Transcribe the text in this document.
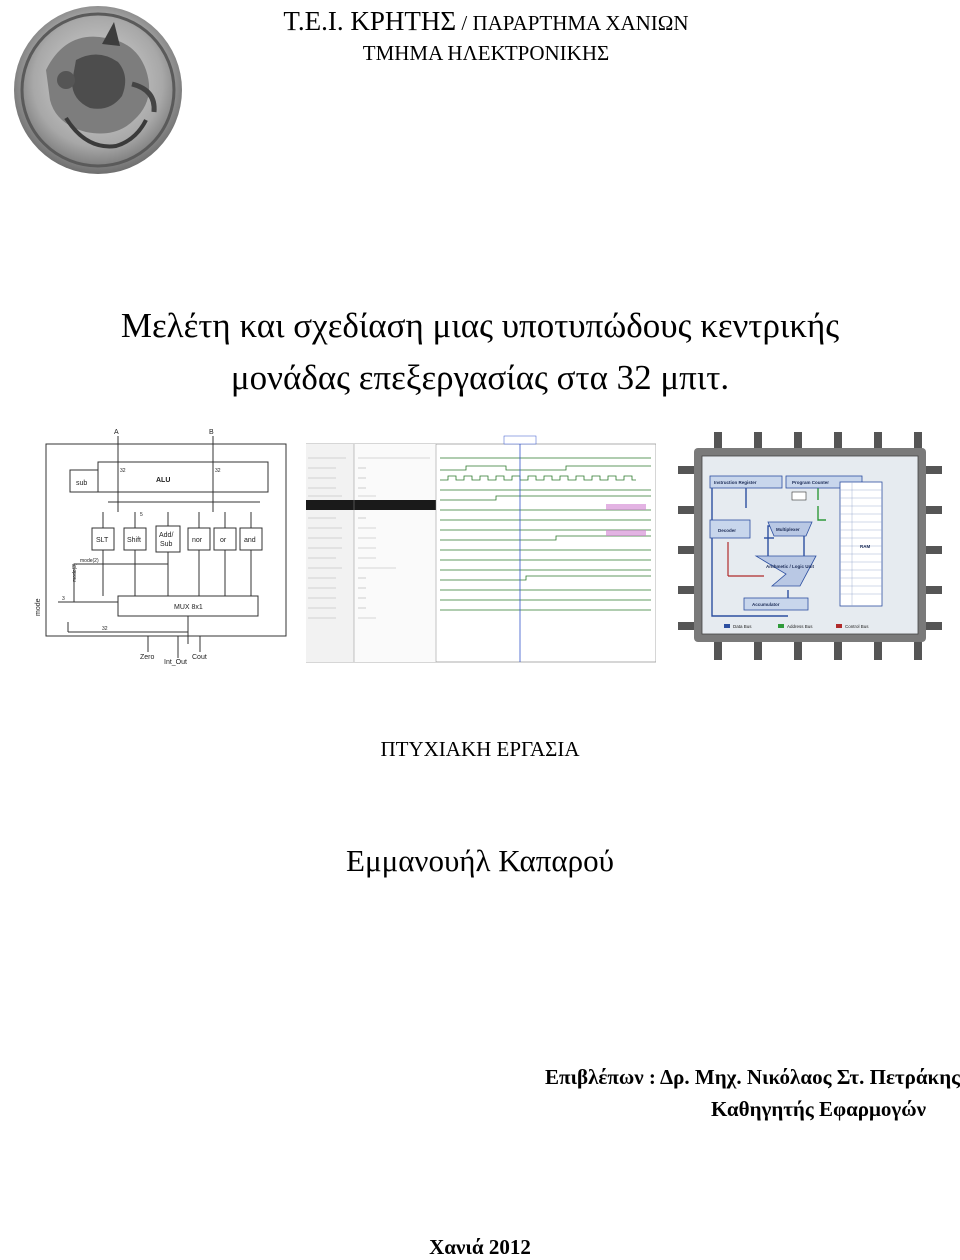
Τ.Ε.Ι. ΚΡΗΤΗΣ / ΠΑΡΑΡΤΗΜΑ ΧΑΝΙΩΝ
ΤΜΗΜΑ ΗΛΕΚΤΡΟΝΙΚΗΣ
Μελέτη και σχεδίαση μιας υποτυπώδους κεντρικής
μονάδας επεξεργασίας στα 32 μπιτ.
A	B
sub	ALU
SLT	Shift
Add/
Sub
nor	or	and
MUX 8x1
mode(2)
mode(3)
mode
32	32
5
3
32
Zero
Int_Out
Cout
Instruction Register	Program Counter
Decoder	Multiplexer
Arithmetic / Logic Unit
Accumulator
RAM
Data Bus	Address Bus	Control Bus
ΠΤΥΧΙΑΚΗ ΕΡΓΑΣΙΑ
Εμμανουήλ Καπαρού
Επιβλέπων : Δρ. Μηχ. Νικόλαος Στ. Πετράκης
Καθηγητής Εφαρμογών
Χανιά 2012
